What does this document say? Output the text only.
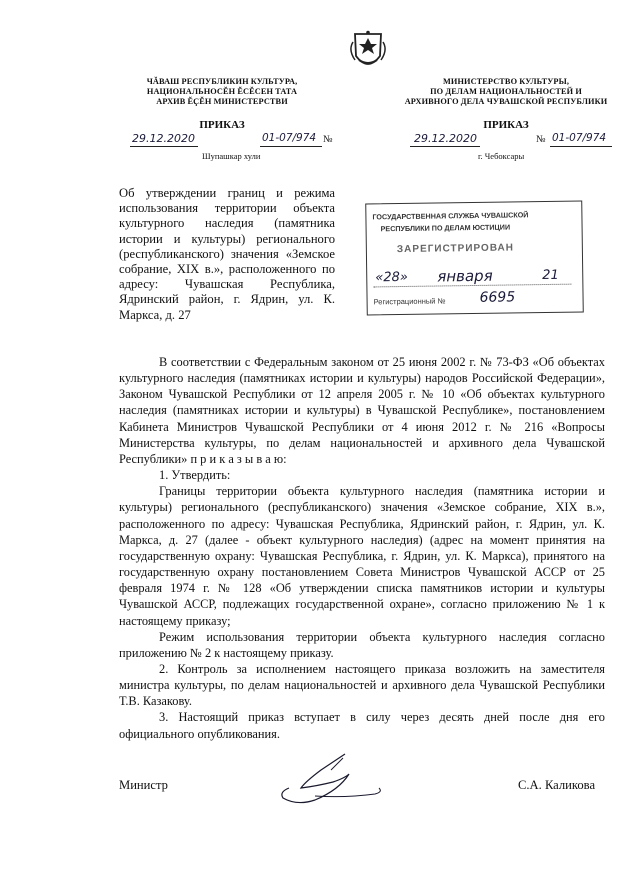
ЧĂВАШ РЕСПУБЛИКИН КУЛЬТУРА,
НАЦИОНАЛЬНОСĔН ĔСĔСЕН ТАТА
АРХИВ ĔҪĔН МИНИСТЕРСТВИ
ПРИКАЗ
29.12.2020	01-07/974 №
Шупашкар хули
МИНИСТЕРСТВО КУЛЬТУРЫ,
ПО ДЕЛАМ НАЦИОНАЛЬНОСТЕЙ И
АРХИВНОГО ДЕЛА ЧУВАШСКОЙ РЕСПУБЛИКИ
ПРИКАЗ
29.12.2020	№ 01-07/974
г. Чебоксары
Об утверждении границ и режима использования территории объекта культурного наследия (памятника истории и культуры) регионального (республиканского) значения «Земское собрание, XIX в.», расположенного по адресу: Чувашская Республика, Ядринский район, г. Ядрин, ул. К. Маркса, д. 27
ГОСУДАРСТВЕННАЯ СЛУЖБА ЧУВАШСКОЙ
РЕСПУБЛИКИ ПО ДЕЛАМ ЮСТИЦИИ
ЗАРЕГИСТРИРОВАН
«28» января	21
Регистрационный № 6695

В соответствии с Федеральным законом от 25 июня 2002 г. № 73-ФЗ «Об объектах культурного наследия (памятниках истории и культуры) народов Российской Федерации», Законом Чувашской Республики от 12 апреля 2005 г. № 10 «Об объектах культурного наследия (памятниках истории и культуры) в Чувашской Республике», постановлением Кабинета Министров Чувашской Республики от 4 июня 2012 г. № 216 «Вопросы Министерства культуры, по делам национальностей и архивного дела Чувашской Республики» п р и к а з ы в а ю:

1. Утвердить:

Границы территории объекта культурного наследия (памятника истории и культуры) регионального (республиканского) значения «Земское собрание, XIX в.», расположенного по адресу: Чувашская Республика, Ядринский район, г. Ядрин, ул. К. Маркса, д. 27 (далее - объект культурного наследия) (адрес на момент принятия на государственную охрану: Чувашская Республика, г. Ядрин, ул. К. Маркса), принятого на государственную охрану постановлением Совета Министров Чувашской АССР от 25 февраля 1974 г. № 128 «Об утверждении списка памятников истории и культуры Чувашской АССР, подлежащих государственной охране», согласно приложению № 1 к настоящему приказу;

Режим использования территории объекта культурного наследия согласно приложению № 2 к настоящему приказу.

2. Контроль за исполнением настоящего приказа возложить на заместителя министра культуры, по делам национальностей и архивного дела Чувашской Республики Т.В. Казакову.

3. Настоящий приказ вступает в силу через десять дней после дня его официального опубликования.

Министр	С.А. Каликова
